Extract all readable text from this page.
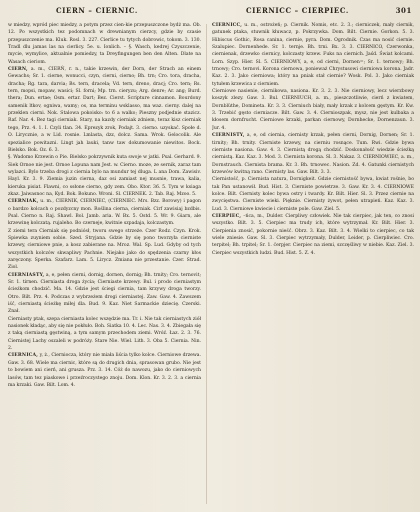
CIERN – CIERNIC.	CIERNICC – CIERPIEC.	301

w miedzy, wpród piec miedzy, a potym przez cien-kie przepuszczone bydż ma. Ob. 12. Po wszystkich tez podomnach w drewnianym cierzcy, gdzie by czasie przepuszczenie ma. Kluk. Rosl. 3. 227. Cierlice tu tytych dobrowic, tokom. 3. 130. Tradl dlu jamas las na cierlicy. 5e. u. Ionlich. – §. Wasch, kedrej Czyszczenie, mycie, wymylice, aktualnie pomiedzy, ta Dreyfingungen ben den Alten. Dlate na Wasach cieriom.

CIERN, a. m., CIERŃ, r. n., takie krzewin, der Dorn, der Strach an einem Gewachs; Sr. 1. cierne, wonucci, czyn, cierni, cierno; Bh. trn; Cro. tora, dracha, dracha; Rg. tara, darvia; Bs. tern, dracela; Vd. tern, dreno, dracj; Cro. tern; Rs. tern, mopsi, mopaw, wasici; Sl. forni; Mp. trn. cieryzu; Arg. denre; Ar. ang; Burd. thera; Dun. ertae; Osm. ertar. Dart; Bez. Cierst. Scripture cinnamon. Bourdony samenik ltkov, ogniwa, wamy; os, ma terminu wsklasso, ma waz. cierny. dalej na przeklen cierni. Nok. Stalowa pokoisko: to 6 a walko; Pieszny podjednie stazicz. Raf. Nar. 4. Bez tagi cierniak. Stary, na kazdy cierniak zdniem, teraz kisz cierniak tego, Prz. 4. 1. I. Czyli tlan. 34. Eprezyk zrok, Podajt. 3. cierno. uzyskać. Społe d. O. Lirycznie, a w Lid. rosnie. Lmlasta, dzz, dolcz. Sama. Wrok. Gelocolik. Ale spezialice powitazni. Lingt jah lauki, tanw taw dokumowanie niewitos. Bock. Bielsko. Bok. Oz. 6. 3.

§. Wadomo Krzewin o Pie. Bielsko pokrzywnik kuta swoje w jatki. Psal. Gerhard. 9. Siek Ornoe nie jest. Ornoe Lopuna nam Jest. w. Cierno. moze, ze sernik, zaraz tam wylazci. Bylo trzeba drogi z ciernia bylo na mundur tej dluga. L ana Dom. Zawisiv. Hayl. Kr. 3. 9. Ziemia juzin cierna, daz osi zamiast nej musnie, trawa, kalia, kieruka pisiat. Flawni, co ssłone cierno, gdy zem. Obo. Ktor. 36. 5. Tym w ksiaga zkaz. Jaiwasnoc na, Kyd. Bok. Bokuno. Wroni. Sl. CIERNEK. 2. Tab. Raj. Mzoo. 5.

CIERNIAK, u. m., CIERNIK, CIERNIEC, (CIERNIEC. Mrs. Bzz. Borowy) i pagon o bardzo kolcach o pozdyzcny mon. Roślina cierna, cierniak. Cirf zawisiaj bzdbis. Psal. Cierno n. Raj. Shawl. Bol. Jamb. aria. W. Bx. 5. Ostd. 5. Wr. 9. Giarn, ale krzewinę kolczatą. rujaleho. Bo czerneje, kwitnie szpadaja, kolczastym.

Z ziemi tera Cierniak się podniósł, tworu swego strzeże. Czer Rodz. Czyn. Krok. Spiewka zuyniem sobie. Szed. Stryjana. Gdzie by się pono tworzyła cierniste krzewy, cierniowe pnie, a kosz zabierane na. Mroz. Wal. Sp. Lud. Gdyby od tych wszystkich kolczów skwapliwy Pachnie. Niejako jako do spędzenia czarny kłos zaręczony. Sperka. Szafarz. Lam. 5. Lirycz. Zmiana nie przestanie. Czer. Strad. Ziol.

CIERNIASTY, a, e, pełen cierni, dornig, dornen, dornig; Bh. trnity; Cro. ternovit; Sr. 1. tirnen. Cierniasta droga życia; Cierniaste krzewy. Bul. i prodo cierniastym ścieżkom chodzić. Ma. 14. Gdzie jest ściegi ciernia, tam krzywy droga tworzy. Otro. Bilt. Prz. 4. Podczas z wybrzeżem drogi cierniastej. Zaw. Gaw. 4. Zawszem iść, cierniastą ścieżkę miłej dla. Bud. 9. Kaz. Niet Sarmackie dziecię. Czerski. Znał.

Cierniasty ptak, szepa cierniasta kolec wszędzie ma. Tr. i. Nie tak cierniastych ziół nasionek kładąc, aby się nie pokłuło. Boh. Siatka 10. 4. Lec. Nas. 3. 4. Zbiegała się z taką cierniastą gęstwiną, a tym samym przechodem ziemi. Wróź. Łaz. 2. 3. 76. Ciernistej Lachy oszaleli w podróży. Stare Nie. Wiel. Lith. 3. Oba 5. Ciernia. Nin. 2.

CIERNICA, y, ż., Cierniocza, który nie miała liścia tylko kolce. Cierniowe drzewa. Gaw. 3. 68. Wiele ma ciernic, które są do drugich dnia, sprasowan grubo. Nie jest to bowiem ani cierń, ani grusza. Prz. 3. 14. Cóż do nawozu, jako do cierniowych lasów, tam tez piaskowe i przeźroczystego znoju. Dom. Klon. Kr. 3. 2. 3. a ciernia ma krzaki. Gaw. Bilt. Lom. 4.

CIERNICC, u. m., ostrożeń; p. Ciernik. Nomis, etc. 2. 3.; cierniczek, mały ciernik, gatunek ptaka, stuwnik kłuwacz, p. Pokrzywka. Dom. Bilt. Ciernie. Gorkon. 5. 3. Hibiscus Gothic, Rosa canina, ciernie, pyra. Dom. Ogrodnik. Czas ma nosić ciernie. Szalupiec. Dornenhede. Sr. 1. ternje. Bh. trni. Bx. 3. 3. CIERNICO, Czerwonka, ciernienak, drzewko ciernicy, kolczasty krzew. Fuks na ciernich. Jaśd. Świat kolcami. Lorn. Szyp. Hier. Sl. 5. CIERNIOWY, a, e, od cierni, Dornen=; Sr. 1. ternowy; Bh. trnowy; Cro. ternovi. Korona ciernowa, ponieważ Chrystusowi cierniowa korona. Jadr. Kaz. 2. 3. Jako cierniowa; który na pniak stał ciernie? Wosk. Pol. 3. Jako cierniak tytułem krzewica z cierniem.

Cierniowe nasienie, ciernikowa, nasiona. Kr. 3. 2. 3. Nie cierniowy, lecz wierzbowy koszyk zlezy. Gaw. 3. Bul. CIERNIUCH, a. m., pieszczotliwie, cierń z kwiatem, Dornblüthe, Domineta. Kr. 3. 3. Cierniuch biały, mały krzak z kolcem gęstym. Kr. Kw. 3. Trzebić gęsto cierniacze. Bilt. Gaw. 3. 4. Ciernioszpak, mysz, nie jest kulbaka a kłosem dornfrucht. Cierniowe krzaki, parkan ciernowy, Dornhecke, Dornenzaun. 3. Jur. 4.

CIERNISTY, a, e, od ciernia, ciernisty krzak, pełen cierni, Dornig, Dornen; Sr. 1. tirnity; Bh. trnity. Cierniste krzewy, na cierniu rosnące. Tum. Rwi. Gdzie bywa cierniste nasiona. Gaw. 4. 3. Ciernistą drogą chodzić. Doskonałość wiedzie ścieżką ciernistą. Kaz. Kaz. 3. Mod. 3. Ciernista korona. Sl. 3. Nakaz. 3. CIERNIOWIEC, a. m., Dornstrauch. Ciernista brama. Kr. 3. Bh. trnowec. Nasion. Zd. 4. Gatunki ciernistych krzewów kwitną rano. Ciernisty las. Gaw. Bilt. 3. 3.

Ciernistość, p. Ciernista natura, Dornigkeit. Gdzie ciernistość bywa, kwiat rośnie, bo tak Pan ustanowił. Bud. Hist. 3. Cierniste powietrze. 3. Gaw. Kr. 3. 4. CIERNIOWE kolce. Bilt. Ciernisty kolec bywa ostry i twardy. Kr. Bilt. Hier. Sl. 3. Przez ciernie na zwycięstwa. Cierniste wieki. Pięknie. Ciernisty żywot, pełen utrapień. Kaz. Kaz. 3. Lud. 3. Cierniowe kwiecie i cierniste pole. Gaw. Ziel. 5.

CIERPIEC, –ńca, m., Dulder. Cierpliwy człowiek. Nie tak cierpiec, jak ten, co znosi wszystko. Bilt. 3. 5. Cierpiec ma trudy ich, które wytrzymał. Kr. Bilt. Hier. 3. Cierpienia znosić, pokornie nieść. Obrz. 3. Kaz. Bilt. 3. 4. Wielki to cierpiec, co tak wiele zniesie. Gaw. Sl. 3. Cierpiec wytrzymały, Dulder, Leider, p. Cierpliwiec. Cro. terpitel; Bh. trpitel; Sr. 1. ćerpjer. Cierpiec na ziemi, szczęśliwy w niebie. Kaz. Ziel. 3. Cierpiec wszystkich ludzi. Bud. Hist. 5. Z. 4.
